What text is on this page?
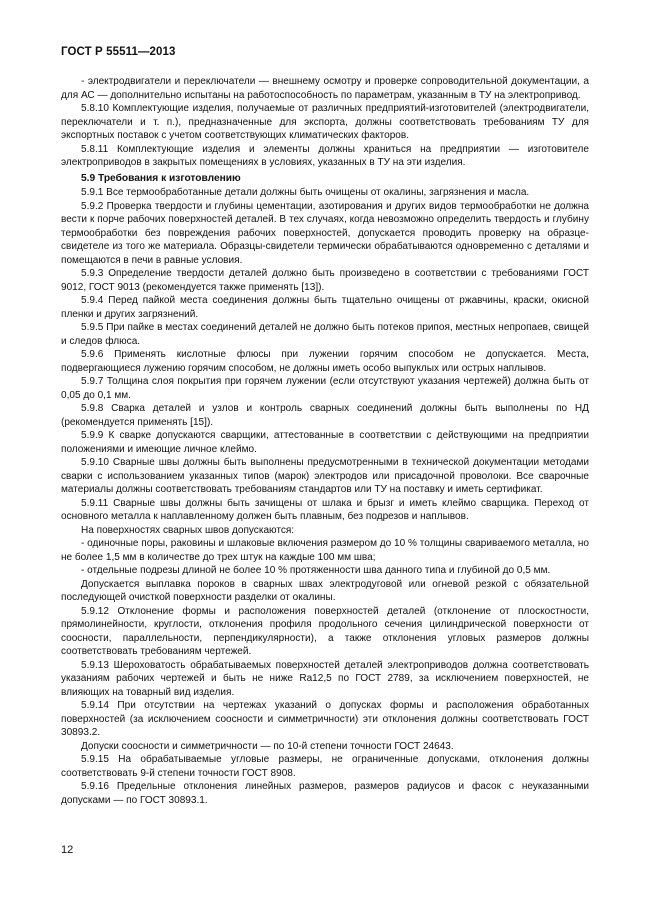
ГОСТ Р 55511—2013

- электродвигатели и переключатели — внешнему осмотру и проверке сопроводительной документации, а для АС — дополнительно испытаны на работоспособность по параметрам, указанным в ТУ на электропривод.

5.8.10 Комплектующие изделия, получаемые от различных предприятий-изготовителей (электродвигатели, переключатели и т. п.), предназначенные для экспорта, должны соответствовать требованиям ТУ для экспортных поставок с учетом соответствующих климатических факторов.

5.8.11 Комплектующие изделия и элементы должны храниться на предприятии — изготовителе электроприводов в закрытых помещениях в условиях, указанных в ТУ на эти изделия.

5.9 Требования к изготовлению

5.9.1 Все термообработанные детали должны быть очищены от окалины, загрязнения и масла.

5.9.2 Проверка твердости и глубины цементации, азотирования и других видов термообработки не должна вести к порче рабочих поверхностей деталей. В тех случаях, когда невозможно определить твердость и глубину термообработки без повреждения рабочих поверхностей, допускается проводить проверку на образце-свидетеле из того же материала. Образцы-свидетели термически обрабатываются одновременно с деталями и помещаются в печи в равные условия.

5.9.3 Определение твердости деталей должно быть произведено в соответствии с требованиями ГОСТ 9012, ГОСТ 9013 (рекомендуется также применять [13]).

5.9.4 Перед пайкой места соединения должны быть тщательно очищены от ржавчины, краски, окисной пленки и других загрязнений.

5.9.5 При пайке в местах соединений деталей не должно быть потеков припоя, местных непропаев, свищей и следов флюса.

5.9.6 Применять кислотные флюсы при лужении горячим способом не допускается. Места, подвергающиеся лужению горячим способом, не должны иметь особо выпуклых или острых наплывов.

5.9.7 Толщина слоя покрытия при горячем лужении (если отсутствуют указания чертежей) должна быть от 0,05 до 0,1 мм.

5.9.8 Сварка деталей и узлов и контроль сварных соединений должны быть выполнены по НД (рекомендуется применять [15]).

5.9.9 К сварке допускаются сварщики, аттестованные в соответствии с действующими на предприятии положениями и имеющие личное клеймо.

5.9.10 Сварные швы должны быть выполнены предусмотренными в технической документации методами сварки с использованием указанных типов (марок) электродов или присадочной проволоки. Все сварочные материалы должны соответствовать требованиям стандартов или ТУ на поставку и иметь сертификат.

5.9.11 Сварные швы должны быть зачищены от шлака и брызг и иметь клеймо сварщика. Переход от основного металла к наплавленному должен быть плавным, без подрезов и наплывов.

На поверхностях сварных швов допускаются:

- одиночные поры, раковины и шлаковые включения размером до 10 % толщины свариваемого металла, но не более 1,5 мм в количестве до трех штук на каждые 100 мм шва;

- отдельные подрезы длиной не более 10 % протяженности шва данного типа и глубиной до 0,5 мм.

Допускается выплавка пороков в сварных швах электродуговой или огневой резкой с обязательной последующей очисткой поверхности разделки от окалины.

5.9.12 Отклонение формы и расположения поверхностей деталей (отклонение от плоскостности, прямолинейности, круглости, отклонения профиля продольного сечения цилиндрической поверхности от соосности, параллельности, перпендикулярности), а также отклонения угловых размеров должны соответствовать требованиям чертежей.

5.9.13 Шероховатость обрабатываемых поверхностей деталей электроприводов должна соответствовать указаниям рабочих чертежей и быть не ниже Ra12,5 по ГОСТ 2789, за исключением поверхностей, не влияющих на товарный вид изделия.

5.9.14 При отсутствии на чертежах указаний о допусках формы и расположения обработанных поверхностей (за исключением соосности и симметричности) эти отклонения должны соответствовать ГОСТ 30893.2.

Допуски соосности и симметричности — по 10-й степени точности ГОСТ 24643.

5.9.15 На обрабатываемые угловые размеры, не ограниченные допусками, отклонения должны соответствовать 9-й степени точности ГОСТ 8908.

5.9.16 Предельные отклонения линейных размеров, размеров радиусов и фасок с неуказанными допусками — по ГОСТ 30893.1.

12
